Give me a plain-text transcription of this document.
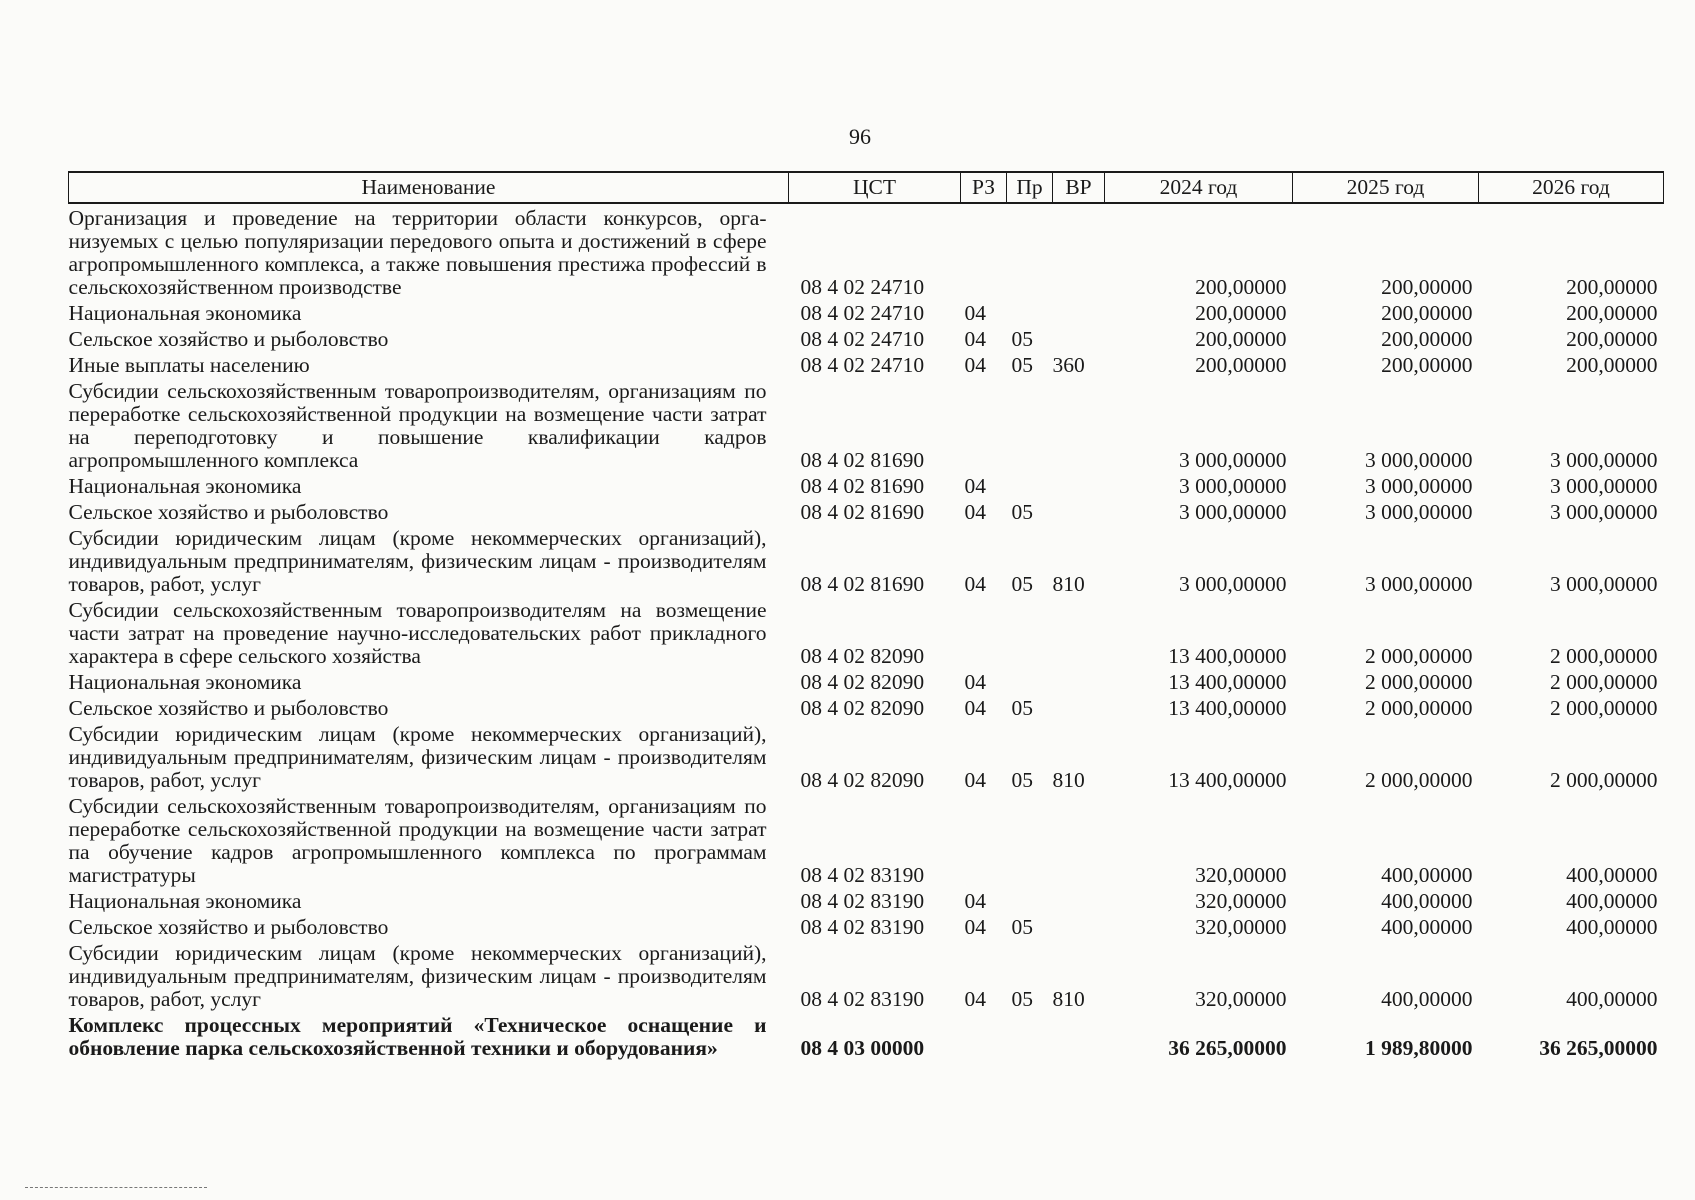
96
Наименование	ЦСТ	РЗ	Пр	ВР	2024 год	2025 год	2026 год
Организация и проведение на территории области конкурсов, организуемых с целью популяризации передового опыта и достижений в сфере агропромышленного комплекса, а также повышения престижа профессий в сельскохозяйственном производстве	08 4 02 24710				200,00000	200,00000	200,00000
Национальная экономика	08 4 02 24710	04			200,00000	200,00000	200,00000
Сельское хозяйство и рыболовство	08 4 02 24710	04	05		200,00000	200,00000	200,00000
Иные выплаты населению	08 4 02 24710	04	05	360	200,00000	200,00000	200,00000
Субсидии сельскохозяйственным товаропроизводителям, организациям по переработке сельскохозяйственной продукции на возмещение части затрат на переподготовку и повышение квалификации кадров агропромышленного комплекса	08 4 02 81690				3 000,00000	3 000,00000	3 000,00000
Национальная экономика	08 4 02 81690	04			3 000,00000	3 000,00000	3 000,00000
Сельское хозяйство и рыболовство	08 4 02 81690	04	05		3 000,00000	3 000,00000	3 000,00000
Субсидии юридическим лицам (кроме некоммерческих организаций), индивидуальным предпринимателям, физическим лицам - производителям товаров, работ, услуг	08 4 02 81690	04	05	810	3 000,00000	3 000,00000	3 000,00000
Субсидии сельскохозяйственным товаропроизводителям на возмещение части затрат на проведение научно-исследовательских работ прикладного характера в сфере сельского хозяйства	08 4 02 82090				13 400,00000	2 000,00000	2 000,00000
Национальная экономика	08 4 02 82090	04			13 400,00000	2 000,00000	2 000,00000
Сельское хозяйство и рыболовство	08 4 02 82090	04	05		13 400,00000	2 000,00000	2 000,00000
Субсидии юридическим лицам (кроме некоммерческих организаций), индивидуальным предпринимателям, физическим лицам - производителям товаров, работ, услуг	08 4 02 82090	04	05	810	13 400,00000	2 000,00000	2 000,00000
Субсидии сельскохозяйственным товаропроизводителям, организациям по переработке сельскохозяйственной продукции на возмещение части затрат па обучение кадров агропромышленного комплекса по программам магистратуры	08 4 02 83190				320,00000	400,00000	400,00000
Национальная экономика	08 4 02 83190	04			320,00000	400,00000	400,00000
Сельское хозяйство и рыболовство	08 4 02 83190	04	05		320,00000	400,00000	400,00000
Субсидии юридическим лицам (кроме некоммерческих организаций), индивидуальным предпринимателям, физическим лицам - производителям товаров, работ, услуг	08 4 02 83190	04	05	810	320,00000	400,00000	400,00000
Комплекс процессных мероприятий «Техническое оснащение и обновление парка сельскохозяйственной техники и оборудования»	08 4 03 00000				36 265,00000	1 989,80000	36 265,00000
